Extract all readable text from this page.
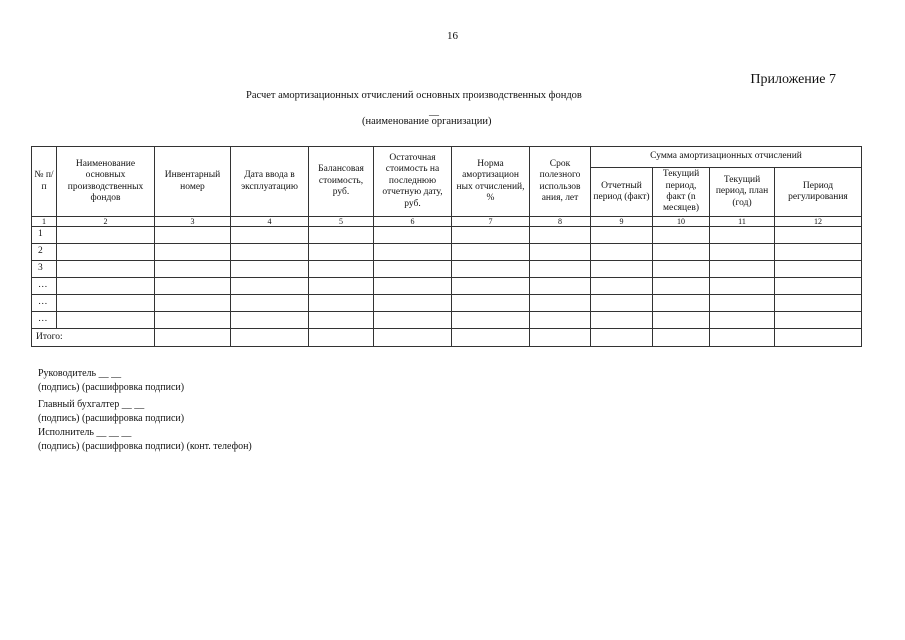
16
Приложение 7
Расчет амортизационных отчислений основных производственных фондов
__
(наименование организации)
№ п/ п	Наименование основных производственных фондов	Инвентарный номер	Дата ввода в эксплуатацию	Балансовая стоимость, руб.	Остаточная стоимость на последнюю отчетную дату, руб.	Норма амортизацион ных отчислений, %	Срок полезного использов ания, лет	Сумма амортизационных отчислений			
								Отчетный период (факт)	Текущий период, факт (n месяцев)	Текущий период, план (год)	Период регулирования
1	2	3	4	5	6	7	8	9	10	11	12
1											
2											
3											
…											
…											
…											
Итого:											
Руководитель __ __
(подпись) (расшифровка подписи)
Главный бухгалтер __ __
(подпись) (расшифровка подписи)
Исполнитель __ __ __
(подпись) (расшифровка подписи) (конт. телефон)
